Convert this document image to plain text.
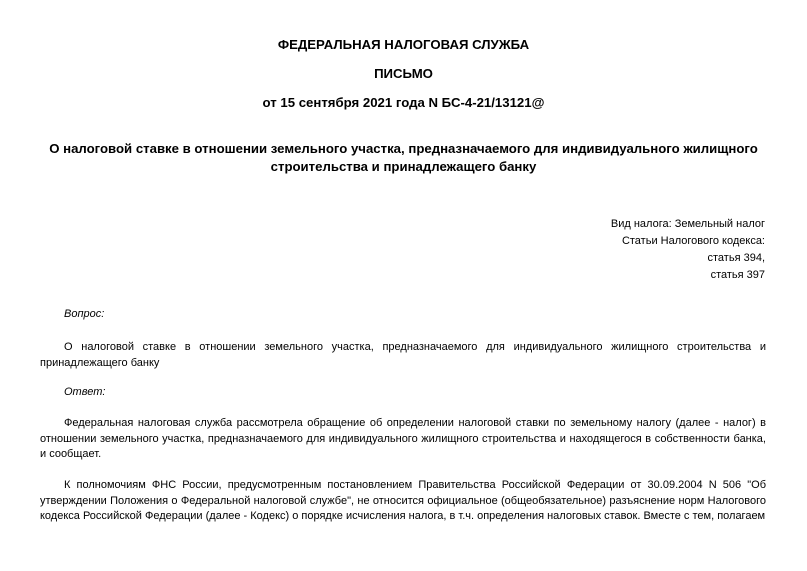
ФЕДЕРАЛЬНАЯ НАЛОГОВАЯ СЛУЖБА
ПИСЬМО
от 15 сентября 2021 года N БС-4-21/13121@
О налоговой ставке в отношении земельного участка, предназначаемого для индивидуального жилищного строительства и принадлежащего банку
Вид налога: Земельный налог
Статьи Налогового кодекса:
статья 394,
статья 397
Вопрос:

О налоговой ставке в отношении земельного участка, предназначаемого для индивидуального жилищного строительства и принадлежащего банку

Ответ:

Федеральная налоговая служба рассмотрела обращение об определении налоговой ставки по земельному налогу (далее - налог) в отношении земельного участка, предназначаемого для индивидуального жилищного строительства и находящегося в собственности банка, и сообщает.

К полномочиям ФНС России, предусмотренным постановлением Правительства Российской Федерации от 30.09.2004 N 506 "Об утверждении Положения о Федеральной налоговой службе", не относится официальное (общеобязательное) разъяснение норм Налогового кодекса Российской Федерации (далее - Кодекс) о порядке исчисления налога, в т.ч. определения налоговых ставок. Вместе с тем, полагаем
